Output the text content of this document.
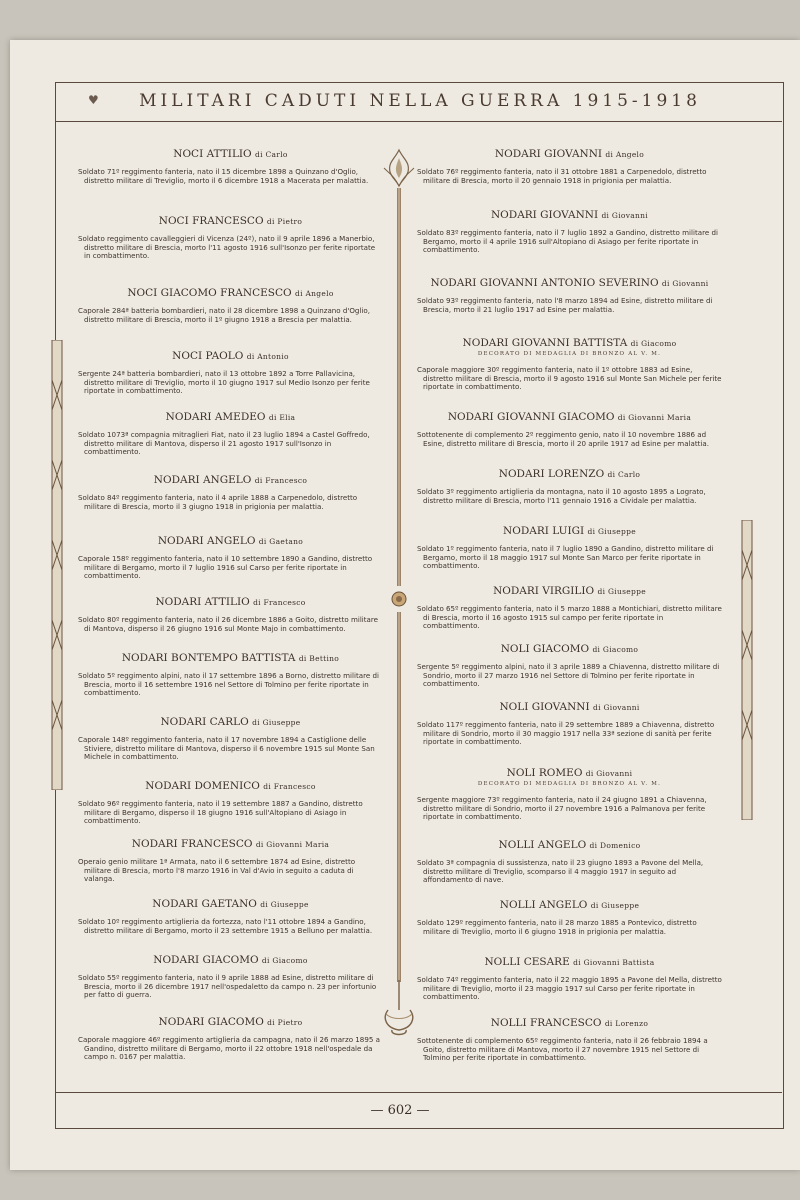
♥	MILITARI CADUTI NELLA GUERRA 1915-1918
NOCI ATTILIO di Carlo
Soldato 71º reggimento fanteria, nato il 15 dicembre 1898 a Quinzano d'Oglio, distretto militare di Treviglio, morto il 6 dicembre 1918 a Macerata per malattia.
NOCI FRANCESCO di Pietro
Soldato reggimento cavalleggieri di Vicenza (24º), nato il 9 aprile 1896 a Manerbio, distretto militare di Brescia, morto l'11 agosto 1916 sull'Isonzo per ferite riportate in combattimento.
NOCI GIACOMO FRANCESCO di Angelo
Caporale 284ª batteria bombardieri, nato il 28 dicembre 1898 a Quinzano d'Oglio, distretto militare di Brescia, morto il 1º giugno 1918 a Brescia per malattia.
NOCI PAOLO di Antonio
Sergente 24ª batteria bombardieri, nato il 13 ottobre 1892 a Torre Pallavicina, distretto militare di Treviglio, morto il 10 giugno 1917 sul Medio Isonzo per ferite riportate in combattimento.
NODARI AMEDEO di Elia
Soldato 1073ª compagnia mitraglieri Fiat, nato il 23 luglio 1894 a Castel Goffredo, distretto militare di Mantova, disperso il 21 agosto 1917 sull'Isonzo in combattimento.
NODARI ANGELO di Francesco
Soldato 84º reggimento fanteria, nato il 4 aprile 1888 a Carpenedolo, distretto militare di Brescia, morto il 3 giugno 1918 in prigionia per malattia.
NODARI ANGELO di Gaetano
Caporale 158º reggimento fanteria, nato il 10 settembre 1890 a Gandino, distretto militare di Bergamo, morto il 7 luglio 1916 sul Carso per ferite riportate in combattimento.
NODARI ATTILIO di Francesco
Soldato 80º reggimento fanteria, nato il 26 dicembre 1886 a Goito, distretto militare di Mantova, disperso il 26 giugno 1916 sul Monte Majo in combattimento.
NODARI BONTEMPO BATTISTA di Bettino
Soldato 5º reggimento alpini, nato il 17 settembre 1896 a Borno, distretto militare di Brescia, morto il 16 settembre 1916 nel Settore di Tolmino per ferite riportate in combattimento.
NODARI CARLO di Giuseppe
Caporale 148º reggimento fanteria, nato il 17 novembre 1894 a Castiglione delle Stiviere, distretto militare di Mantova, disperso il 6 novembre 1915 sul Monte San Michele in combattimento.
NODARI DOMENICO di Francesco
Soldato 96º reggimento fanteria, nato il 19 settembre 1887 a Gandino, distretto militare di Bergamo, disperso il 18 giugno 1916 sull'Altopiano di Asiago in combattimento.
NODARI FRANCESCO di Giovanni Maria
Operaio genio militare 1ª Armata, nato il 6 settembre 1874 ad Esine, distretto militare di Brescia, morto l'8 marzo 1916 in Val d'Avio in seguito a caduta di valanga.
NODARI GAETANO di Giuseppe
Soldato 10º reggimento artiglieria da fortezza, nato l'11 ottobre 1894 a Gandino, distretto militare di Bergamo, morto il 23 settembre 1915 a Belluno per malattia.
NODARI GIACOMO di Giacomo
Soldato 55º reggimento fanteria, nato il 9 aprile 1888 ad Esine, distretto militare di Brescia, morto il 26 dicembre 1917 nell'ospedaletto da campo n. 23 per infortunio per fatto di guerra.
NODARI GIACOMO di Pietro
Caporale maggiore 46º reggimento artiglieria da campagna, nato il 26 marzo 1895 a Gandino, distretto militare di Bergamo, morto il 22 ottobre 1918 nell'ospedale da campo n. 0167 per malattia.
NODARI GIOVANNI di Angelo
Soldato 76º reggimento fanteria, nato il 31 ottobre 1881 a Carpenedolo, distretto militare di Brescia, morto il 20 gennaio 1918 in prigionia per malattia.
NODARI GIOVANNI di Giovanni
Soldato 83º reggimento fanteria, nato il 7 luglio 1892 a Gandino, distretto militare di Bergamo, morto il 4 aprile 1916 sull'Altopiano di Asiago per ferite riportate in combattimento.
NODARI GIOVANNI ANTONIO SEVERINO di Giovanni
Soldato 93º reggimento fanteria, nato l'8 marzo 1894 ad Esine, distretto militare di Brescia, morto il 21 luglio 1917 ad Esine per malattia.
NODARI GIOVANNI BATTISTA di Giacomo
DECORATO DI MEDAGLIA DI BRONZO AL V. M.
Caporale maggiore 30º reggimento fanteria, nato il 1º ottobre 1883 ad Esine, distretto militare di Brescia, morto il 9 agosto 1916 sul Monte San Michele per ferite riportate in combattimento.
NODARI GIOVANNI GIACOMO di Giovanni Maria
Sottotenente di complemento 2º reggimento genio, nato il 10 novembre 1886 ad Esine, distretto militare di Brescia, morto il 20 aprile 1917 ad Esine per malattia.
NODARI LORENZO di Carlo
Soldato 3º reggimento artiglieria da montagna, nato il 10 agosto 1895 a Lograto, distretto militare di Brescia, morto l'11 gennaio 1916 a Cividale per malattia.
NODARI LUIGI di Giuseppe
Soldato 1º reggimento fanteria, nato il 7 luglio 1890 a Gandino, distretto militare di Bergamo, morto il 18 maggio 1917 sul Monte San Marco per ferite riportate in combattimento.
NODARI VIRGILIO di Giuseppe
Soldato 65º reggimento fanteria, nato il 5 marzo 1888 a Montichiari, distretto militare di Brescia, morto il 16 agosto 1915 sul campo per ferite riportate in combattimento.
NOLI GIACOMO di Giacomo
Sergente 5º reggimento alpini, nato il 3 aprile 1889 a Chiavenna, distretto militare di Sondrio, morto il 27 marzo 1916 nel Settore di Tolmino per ferite riportate in combattimento.
NOLI GIOVANNI di Giovanni
Soldato 117º reggimento fanteria, nato il 29 settembre 1889 a Chiavenna, distretto militare di Sondrio, morto il 30 maggio 1917 nella 33ª sezione di sanità per ferite riportate in combattimento.
NOLI ROMEO di Giovanni
DECORATO DI MEDAGLIA DI BRONZO AL V. M.
Sergente maggiore 73º reggimento fanteria, nato il 24 giugno 1891 a Chiavenna, distretto militare di Sondrio, morto il 27 novembre 1916 a Palmanova per ferite riportate in combattimento.
NOLLI ANGELO di Domenico
Soldato 3ª compagnia di sussistenza, nato il 23 giugno 1893 a Pavone del Mella, distretto militare di Treviglio, scomparso il 4 maggio 1917 in seguito ad affondamento di nave.
NOLLI ANGELO di Giuseppe
Soldato 129º reggimento fanteria, nato il 28 marzo 1885 a Pontevico, distretto militare di Treviglio, morto il 6 giugno 1918 in prigionia per malattia.
NOLLI CESARE di Giovanni Battista
Soldato 74º reggimento fanteria, nato il 22 maggio 1895 a Pavone del Mella, distretto militare di Treviglio, morto il 23 maggio 1917 sul Carso per ferite riportate in combattimento.
NOLLI FRANCESCO di Lorenzo
Sottotenente di complemento 65º reggimento fanteria, nato il 26 febbraio 1894 a Goito, distretto militare di Mantova, morto il 27 novembre 1915 nel Settore di Tolmino per ferite riportate in combattimento.
— 602 —
